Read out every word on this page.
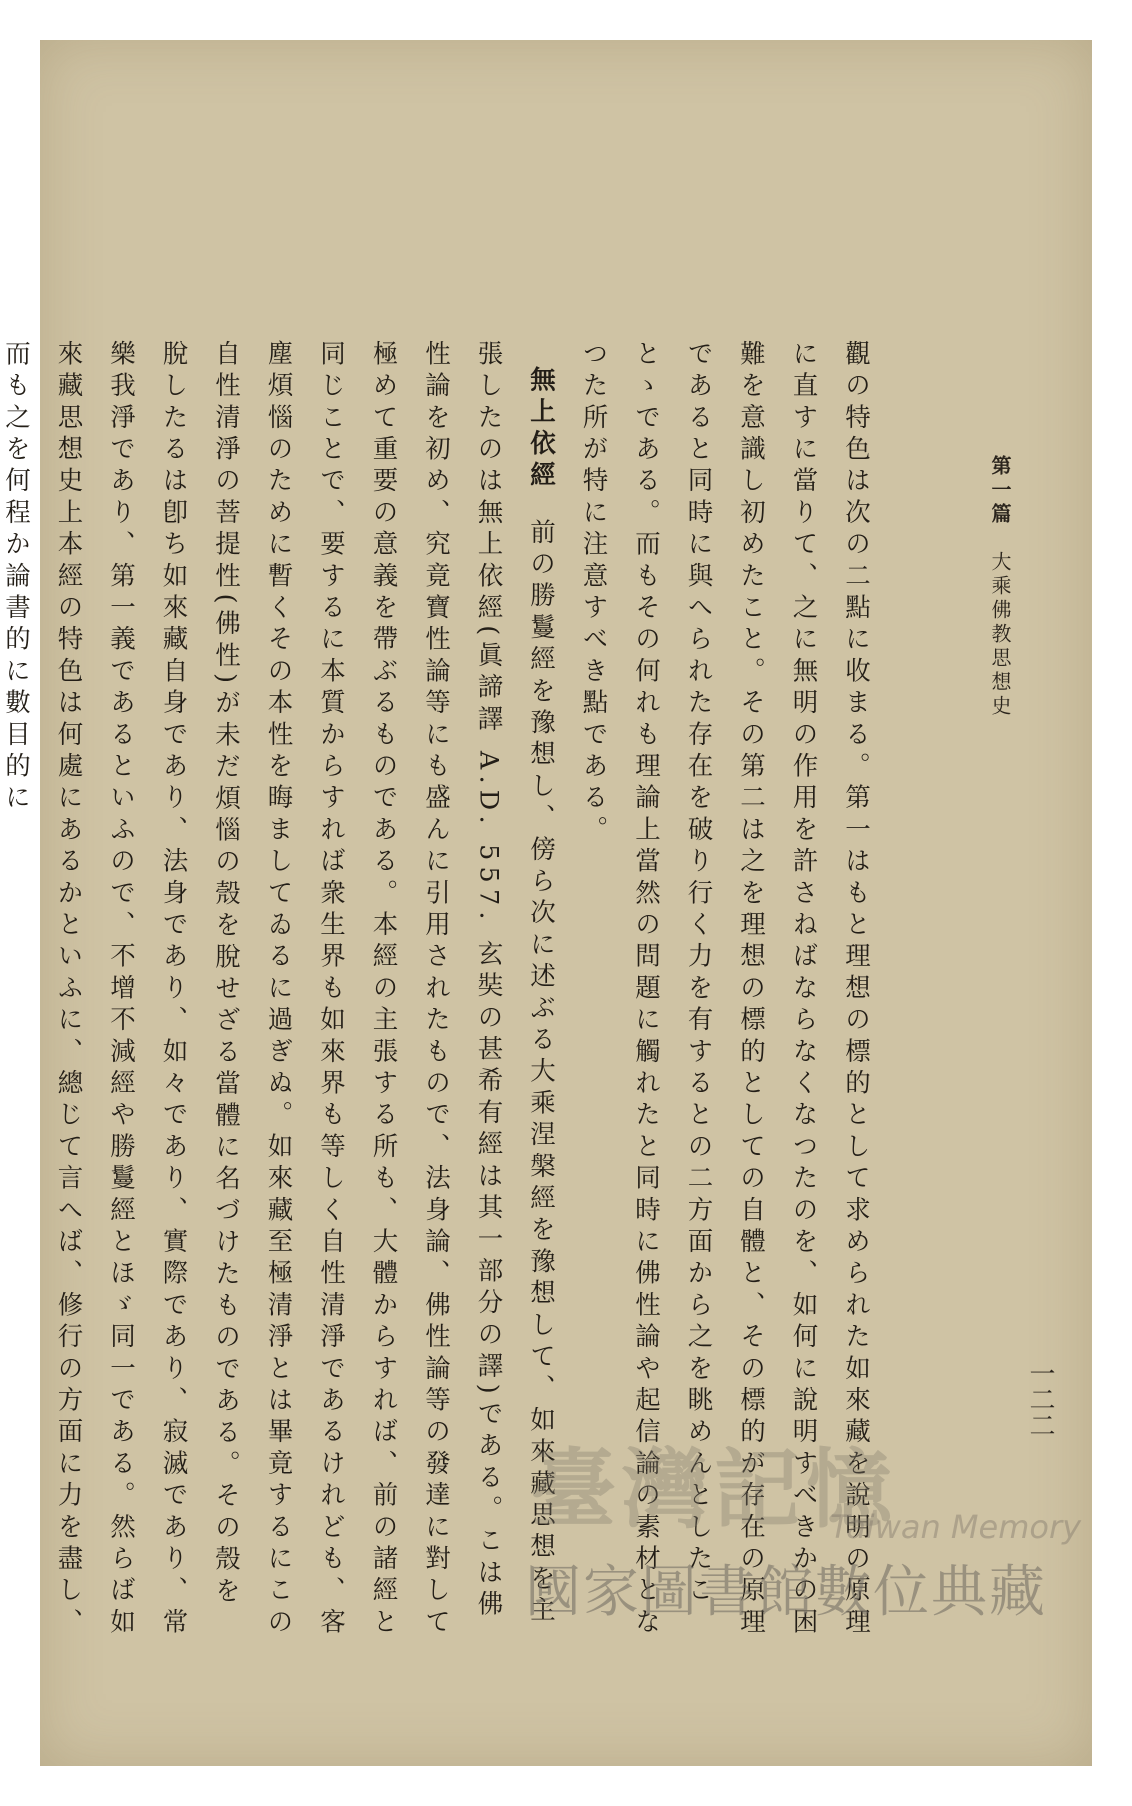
第一篇大乘佛教思想史
一二二

觀の特色は次の二點に收まる。第一はもと理想の標的として求められた如來藏を說明の原理に直すに當りて、之に無明の作用を許さねばならなくなつたのを、如何に說明すべきかの困難を意識し初めたこと。その第二は之を理想の標的としての自體と、その標的が存在の原理であると同時に與へられた存在を破り行く力を有するとの二方面から之を眺めんとしたことゝである。而もその何れも理論上當然の問題に觸れたと同時に佛性論や起信論の素材となつた所が特に注意すべき點である。

無上依經前の勝鬘經を豫想し、傍ら次に述ぶる大乘涅槃經を豫想して、如來藏思想を主張したのは無上依經(眞諦譯 A.D. 557. 玄奘の甚希有經は其一部分の譯)である。こは佛性論を初め、究竟寶性論等にも盛んに引用されたもので、法身論、佛性論等の發達に對して極めて重要の意義を帶ぶるものである。本經の主張する所も、大體からすれば、前の諸經と同じことで、要するに本質からすれば衆生界も如來界も等しく自性清淨であるけれども、客塵煩惱のために暫くその本性を晦ましてゐるに過ぎぬ。如來藏至極清淨とは畢竟するにこの自性清淨の菩提性(佛性)が未だ煩惱の殼を脫せざる當體に名づけたものである。その殼を脫したるは卽ち如來藏自身であり、法身であり、如々であり、實際であり、寂滅であり、常樂我淨であり、第一義であるといふので、不增不減經や勝鬘經とほゞ同一である。然らば如來藏思想史上本經の特色は何處にあるかといふに、總じて言へば、修行の方面に力を盡し、而も之を何程か論書的に數目的に

臺灣記憶
Taiwan Memory
國家圖書館數位典藏
